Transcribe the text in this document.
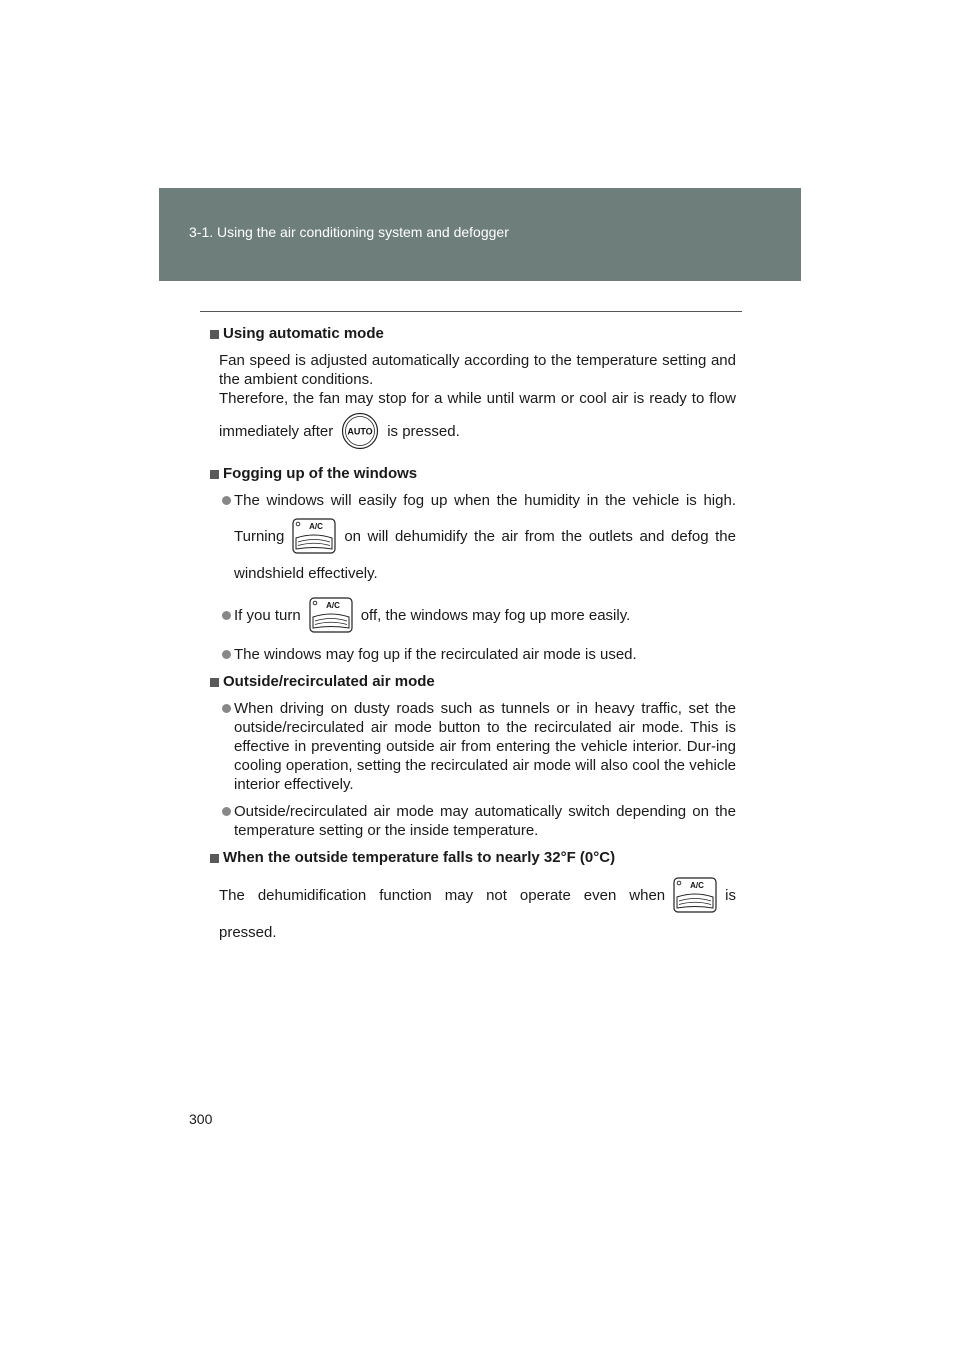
3-1. Using the air conditioning system and defogger
Using automatic mode
Fan speed is adjusted automatically according to the temperature setting and the ambient conditions.
Therefore, the fan may stop for a while until warm or cool air is ready to flow
immediately after AUTO is pressed.
Fogging up of the windows
The windows will easily fog up when the humidity in the vehicle is high.
Turning
A/C
on will dehumidify the air from the outlets and defog the
windshield effectively.
If you turn
A/C
off, the windows may fog up more easily.
The windows may fog up if the recirculated air mode is used.
Outside/recirculated air mode
When driving on dusty roads such as tunnels or in heavy traffic, set the outside/recirculated air mode button to the recirculated air mode. This is effective in preventing outside air from entering the vehicle interior. Dur-ing cooling operation, setting the recirculated air mode will also cool the vehicle interior effectively.
Outside/recirculated air mode may automatically switch depending on the temperature setting or the inside temperature.
When the outside temperature falls to nearly 32°F (0°C)
The dehumidification function may not operate even when
A/C
is
pressed.
300
